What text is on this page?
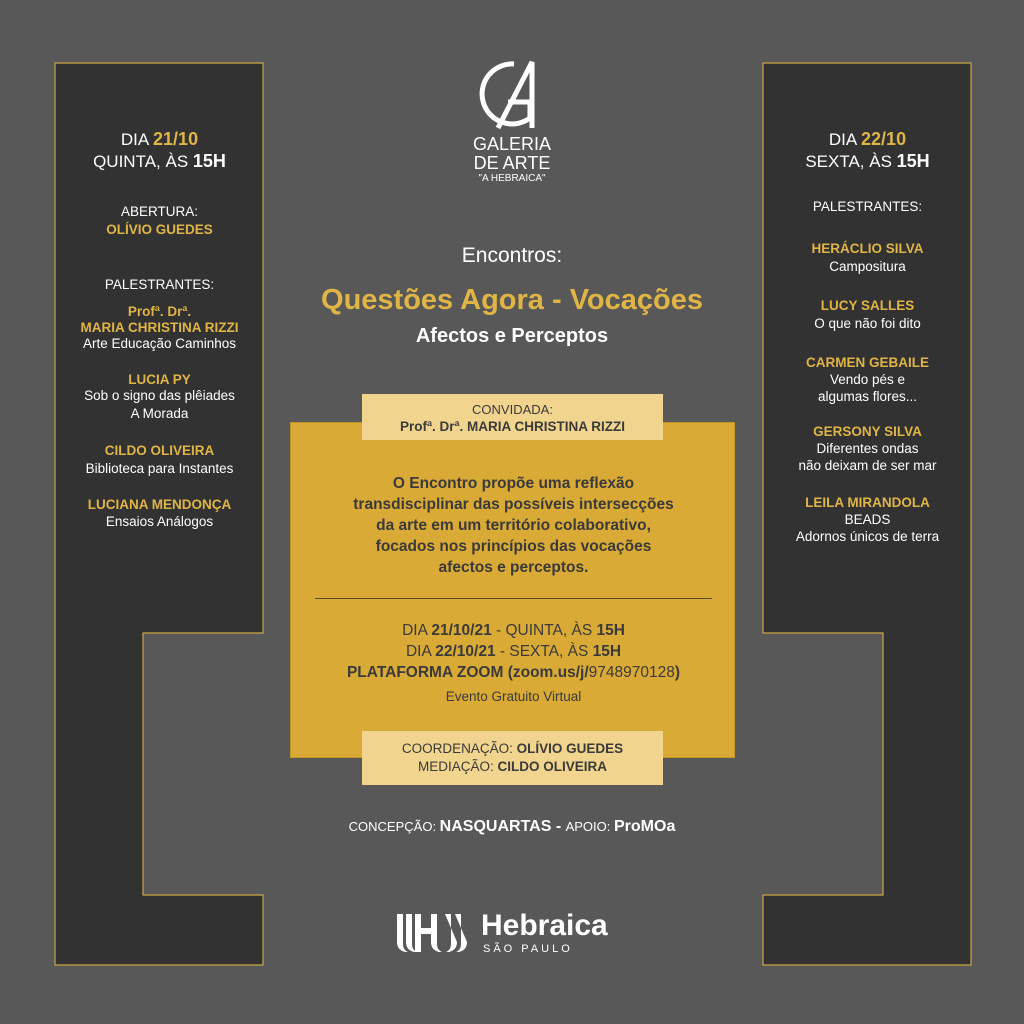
DIA 21/10
QUINTA, ÀS 15H
ABERTURA:
OLÍVIO GUEDES
PALESTRANTES:
Profª. Drª.
MARIA CHRISTINA RIZZI
Arte Educação Caminhos
LUCIA PY
Sob o signo das plêiades
A Morada
CILDO OLIVEIRA
Biblioteca para Instantes
LUCIANA MENDONÇA
Ensaios Análogos
DIA 22/10
SEXTA, ÀS 15H
PALESTRANTES:
HERÁCLIO SILVA
Campositura
LUCY SALLES
O que não foi dito
CARMEN GEBAILE
Vendo pés e
algumas flores...
GERSONY SILVA
Diferentes ondas
não deixam de ser mar
LEILA MIRANDOLA
BEADS
Adornos únicos de terra
GALERIA
DE ARTE
"A HEBRAICA"
Encontros:
Questões Agora - Vocações
Afectos e Perceptos
O Encontro propõe uma reflexão
transdisciplinar das possíveis intersecções
da arte em um território colaborativo,
focados nos princípios das vocações
afectos e perceptos.
DIA 21/10/21 - QUINTA, ÀS 15H
DIA 22/10/21 - SEXTA, ÀS 15H
PLATAFORMA ZOOM (zoom.us/j/9748970128)
Evento Gratuito Virtual
CONVIDADA:
Profª. Drª. MARIA CHRISTINA RIZZI
COORDENAÇÃO: OLÍVIO GUEDES
MEDIAÇÃO: CILDO OLIVEIRA
CONCEPÇÃO: NASQUARTAS - APOIO: ProMOa
Hebraica
SÃO PAULO
